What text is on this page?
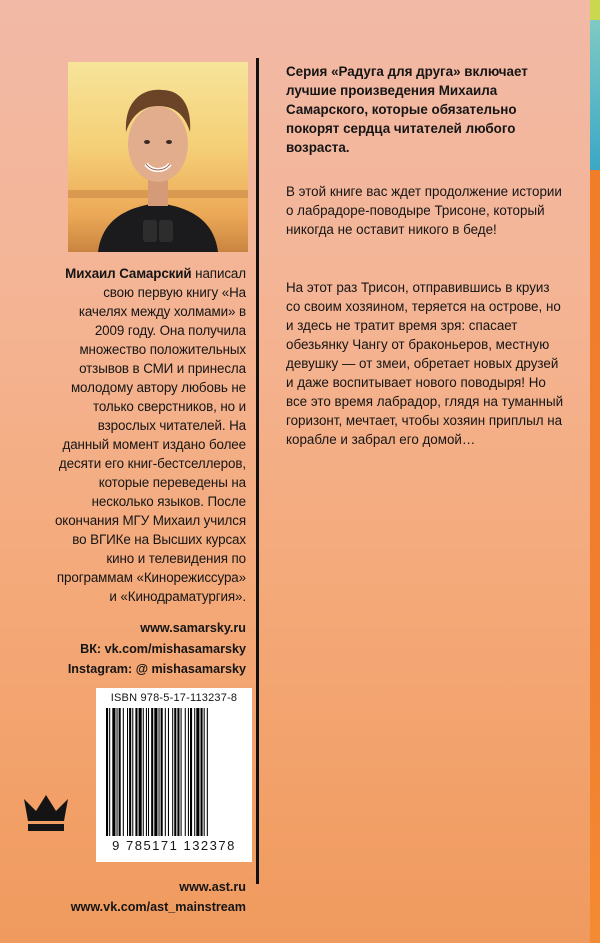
Михаил Самарский написал свою первую книгу «На качелях между холмами» в 2009 году. Она получила множество положительных отзывов в СМИ и принесла молодому автору любовь не только сверстников, но и взрослых читателей. На данный момент издано более десяти его книг-бестселлеров, которые переведены на несколько языков. После окончания МГУ Михаил учился во ВГИКе на Высших курсах кино и телевидения по программам «Кинорежиссура» и «Кинодраматургия».
www.samarsky.ru
ВК: vk.com/mishasamarsky
Instagram: @ mishasamarsky
Серия «Радуга для друга» включает лучшие произведения Михаила Самарского, которые обязательно покорят сердца читателей любого возраста.
В этой книге вас ждет продолжение истории о лабрадоре-поводыре Трисоне, который никогда не оставит никого в беде!
На этот раз Трисон, отправившись в круиз со своим хозяином, теряется на острове, но и здесь не тратит время зря: спасает обезьянку Чангу от браконьеров, местную девушку — от змеи, обретает новых друзей и даже воспитывает нового поводыря! Но все это время лабрадор, глядя на туманный горизонт, мечтает, чтобы хозяин приплыл на корабле и забрал его домой…
ISBN 978-5-17-113237-8
9 785171 132378
www.ast.ru
www.vk.com/ast_mainstream
